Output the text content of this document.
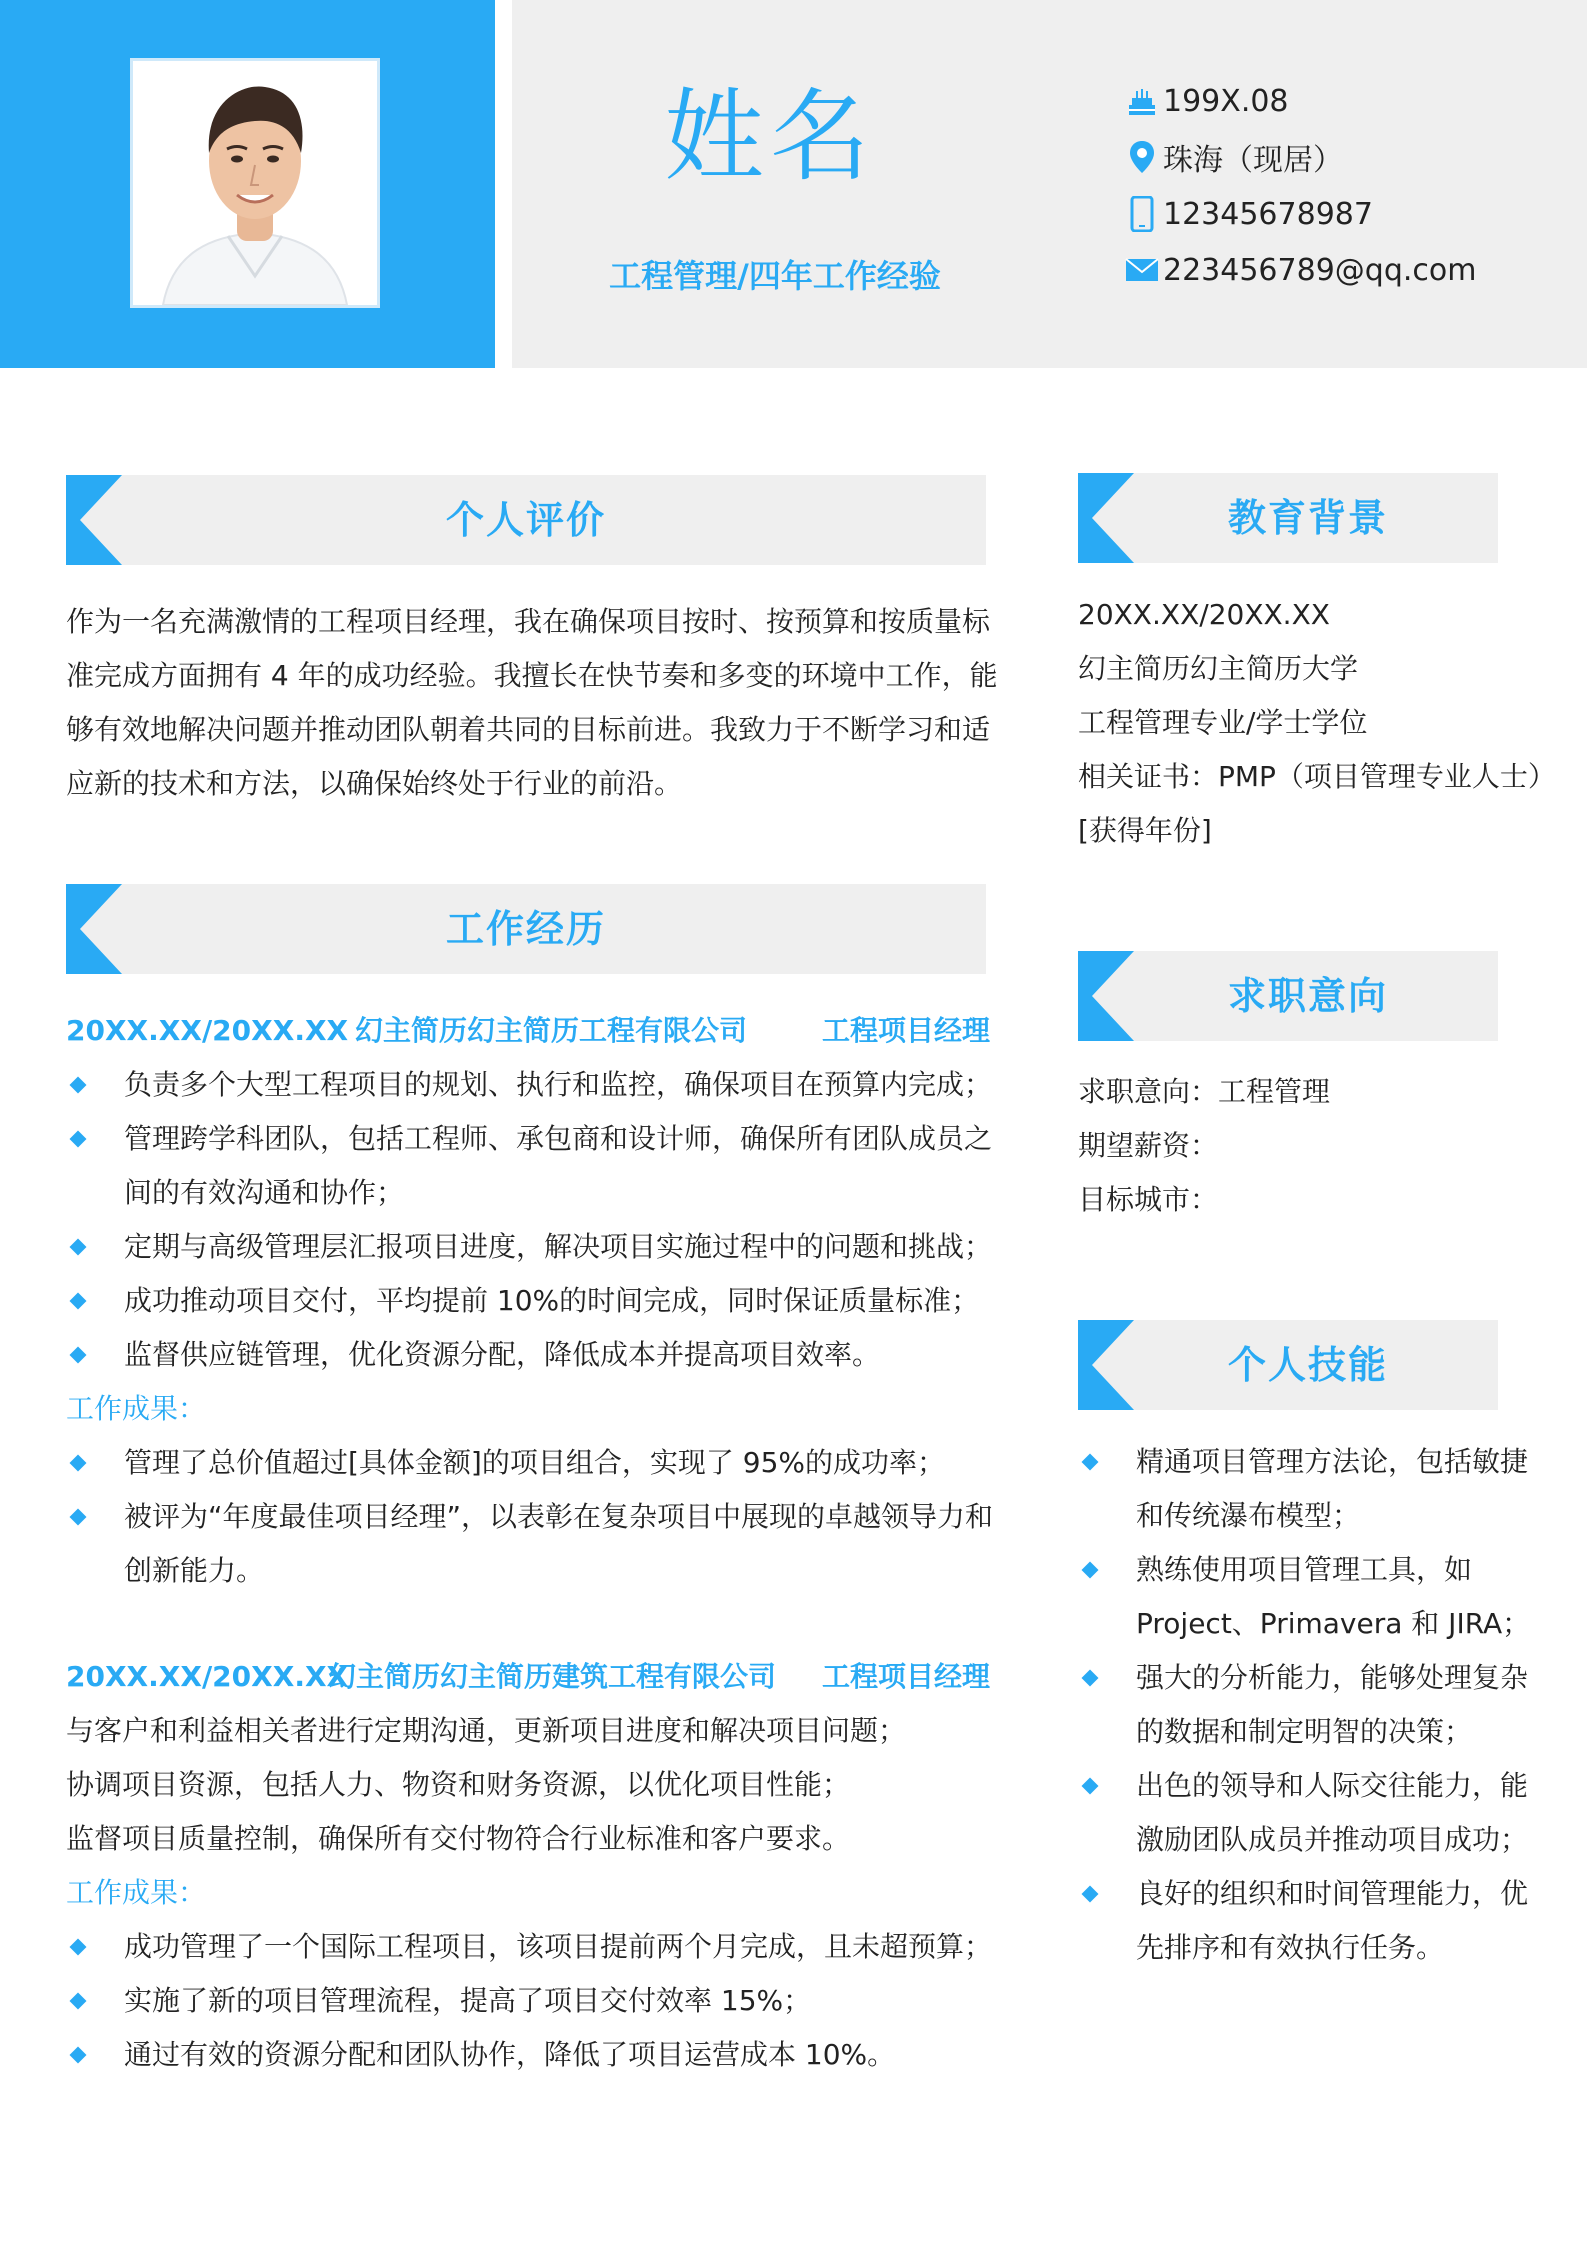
姓名
工程管理/四年工作经验
199X.08
珠海（现居）
12345678987
223456789@qq.com
个人评价
作为一名充满激情的工程项目经理，我在确保项目按时、按预算和按质量标
准完成方面拥有 4 年的成功经验。我擅长在快节奏和多变的环境中工作，能
够有效地解决问题并推动团队朝着共同的目标前进。我致力于不断学习和适
应新的技术和方法，以确保始终处于行业的前沿。
工作经历
20XX.XX/20XX.XX 幻主简历幻主简历工程有限公司	工程项目经理
负责多个大型工程项目的规划、执行和监控，确保项目在预算内完成；
管理跨学科团队，包括工程师、承包商和设计师，确保所有团队成员之
间的有效沟通和协作；
定期与高级管理层汇报项目进度，解决项目实施过程中的问题和挑战；
成功推动项目交付，平均提前 10%的时间完成，同时保证质量标准；
监督供应链管理，优化资源分配，降低成本并提高项目效率。
工作成果：
管理了总价值超过[具体金额]的项目组合，实现了 95%的成功率；
被评为“年度最佳项目经理”，以表彰在复杂项目中展现的卓越领导力和
创新能力。
20XX.XX/20XX.XX
幻主简历幻主简历建筑工程有限公司 工程项目经理
与客户和利益相关者进行定期沟通，更新项目进度和解决项目问题；
协调项目资源，包括人力、物资和财务资源，以优化项目性能；
监督项目质量控制，确保所有交付物符合行业标准和客户要求。
工作成果：
成功管理了一个国际工程项目，该项目提前两个月完成，且未超预算；
实施了新的项目管理流程，提高了项目交付效率 15%；
通过有效的资源分配和团队协作，降低了项目运营成本 10%。
教育背景
20XX.XX/20XX.XX
幻主简历幻主简历大学
工程管理专业/学士学位
相关证书：PMP（项目管理专业人士）
[获得年份]
求职意向
求职意向：工程管理
期望薪资：
目标城市：
个人技能
精通项目管理方法论，包括敏捷
和传统瀑布模型；
熟练使用项目管理工具，如
Project、Primavera 和 JIRA；
强大的分析能力，能够处理复杂
的数据和制定明智的决策；
出色的领导和人际交往能力，能
激励团队成员并推动项目成功；
良好的组织和时间管理能力，优
先排序和有效执行任务。
